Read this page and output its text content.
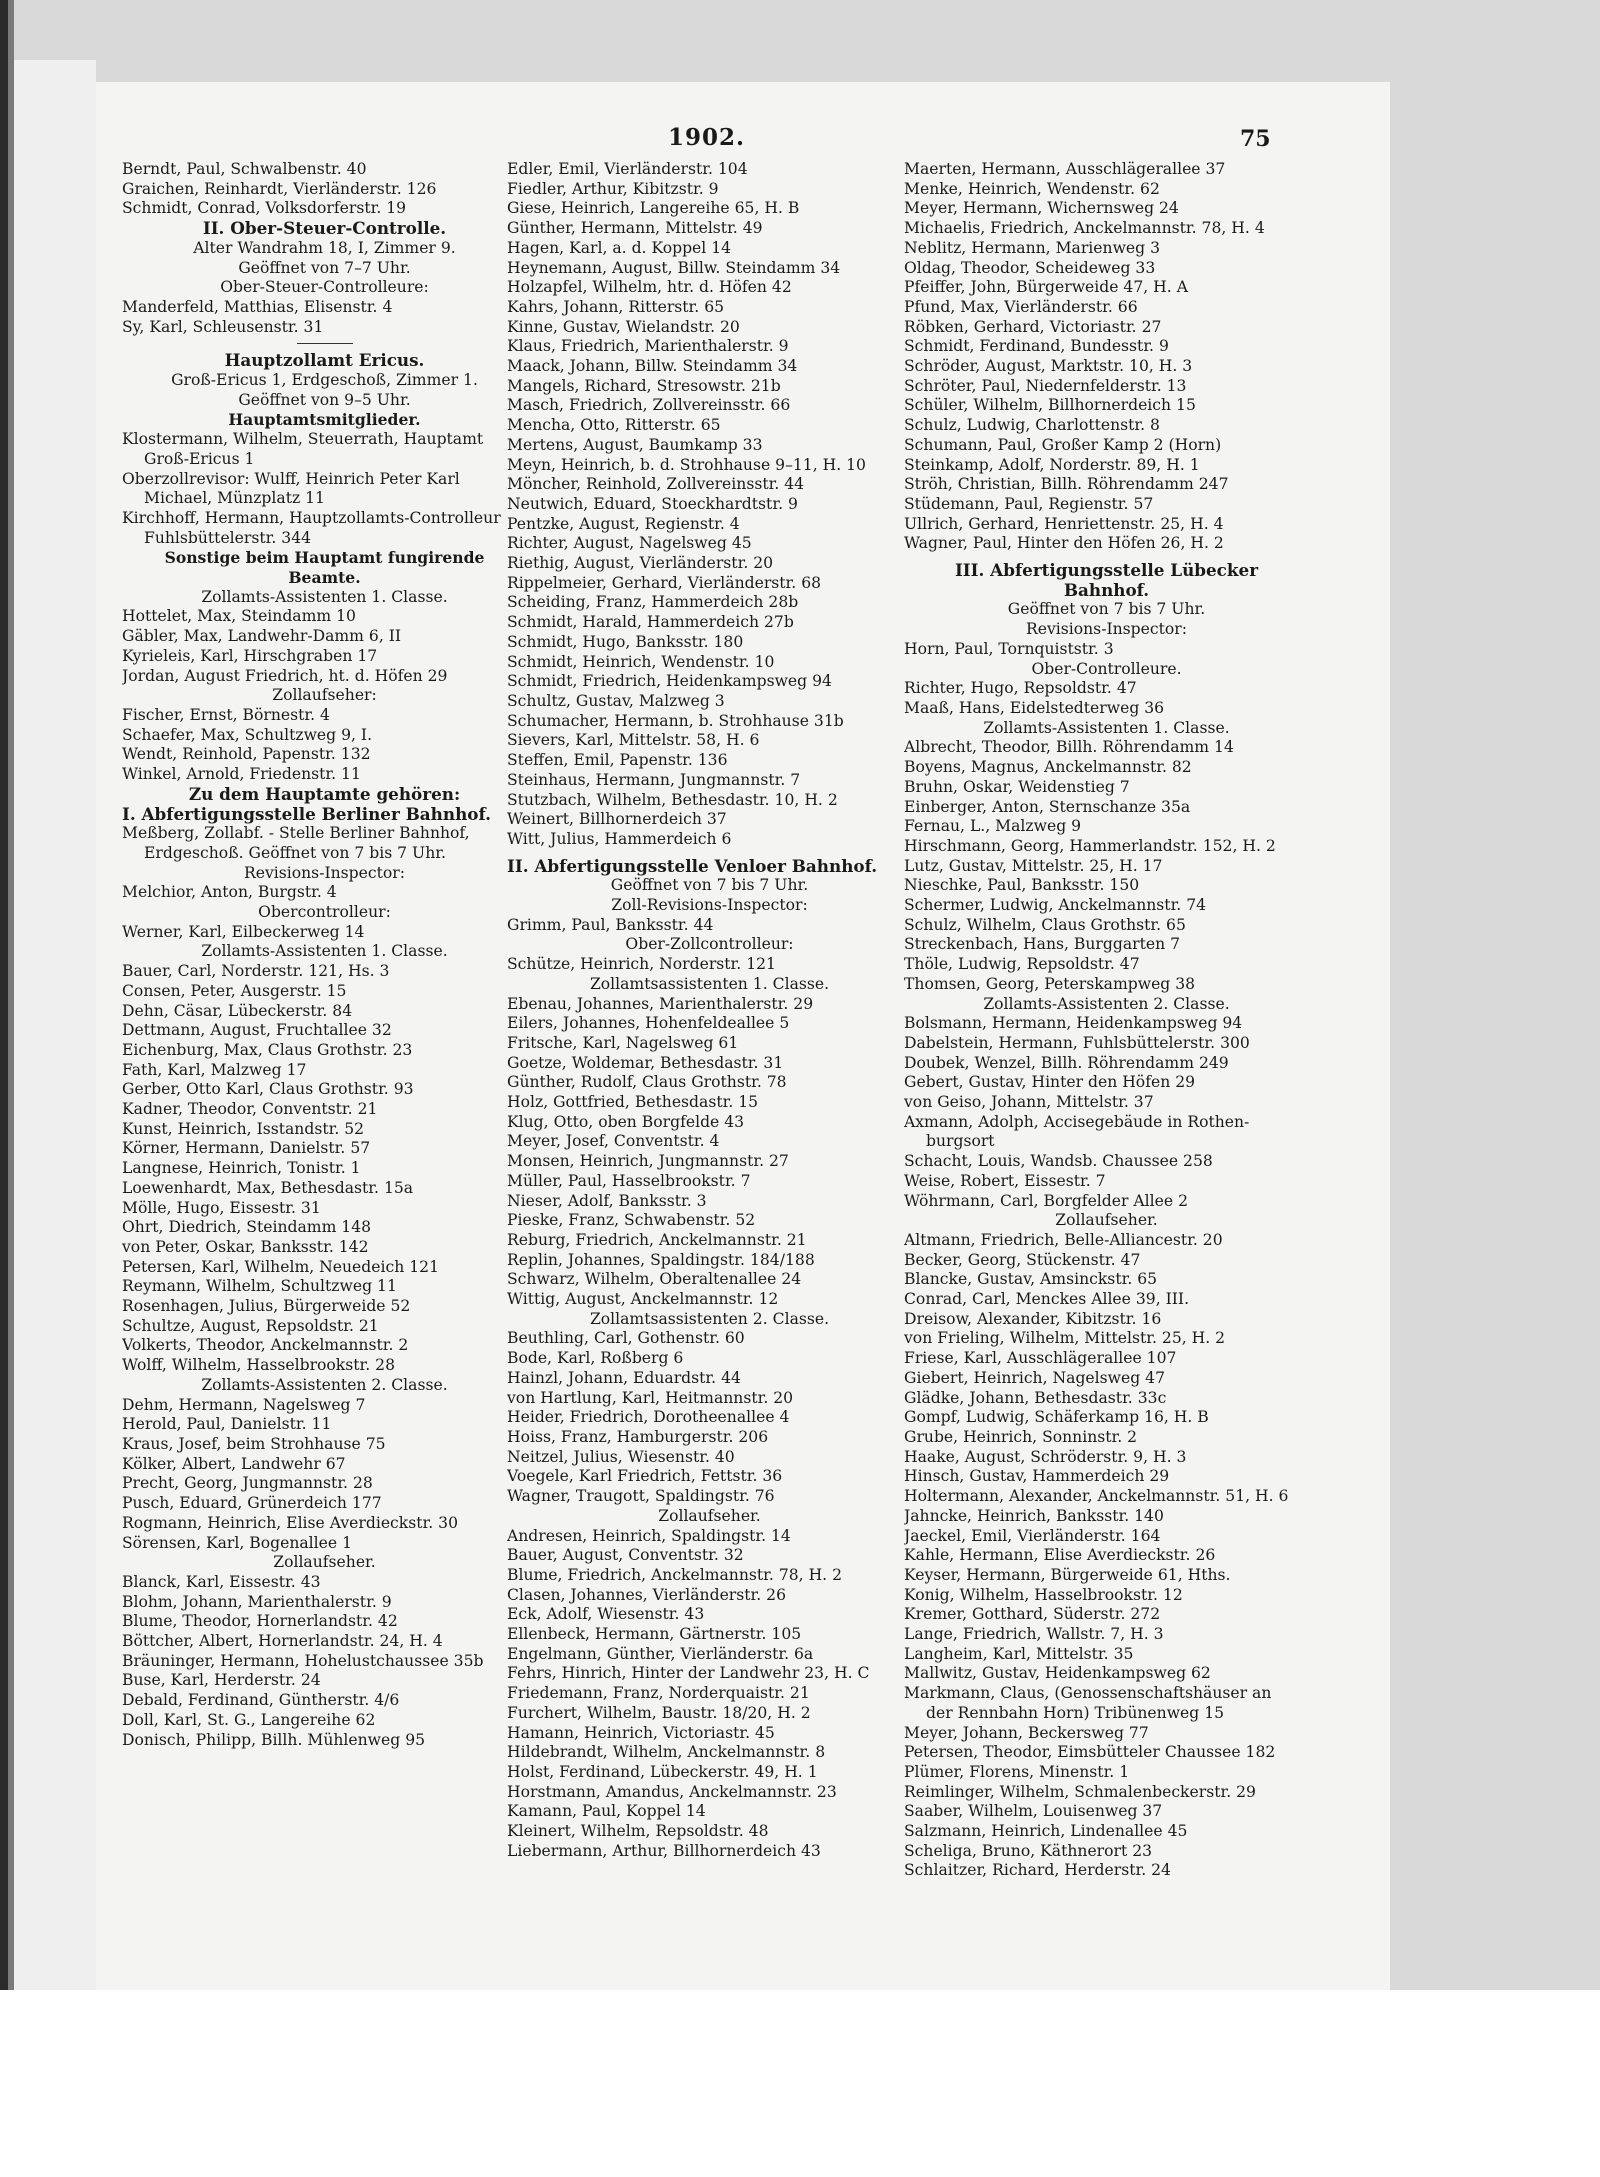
1902.	75
Berndt, Paul, Schwalbenstr. 40
Graichen, Reinhardt, Vierländerstr. 126
Schmidt, Conrad, Volksdorferstr. 19
II. Ober-Steuer-Controlle.
Alter Wandrahm 18, I, Zimmer 9.
Geöffnet von 7–7 Uhr.
Ober-Steuer-Controlleure:
Manderfeld, Matthias, Elisenstr. 4
Sy, Karl, Schleusenstr. 31
Hauptzollamt Ericus.
Groß-Ericus 1, Erdgeschoß, Zimmer 1.
Geöffnet von 9–5 Uhr.
Hauptamtsmitglieder.
Klostermann, Wilhelm, Steuerrath, Hauptamt
Groß-Ericus 1
Oberzollrevisor: Wulff, Heinrich Peter Karl
Michael, Münzplatz 11
Kirchhoff, Hermann, Hauptzollamts-Controlleur
Fuhlsbüttelerstr. 344
Sonstige beim Hauptamt fungirende
Beamte.
Zollamts-Assistenten 1. Classe.
Hottelet, Max, Steindamm 10
Gäbler, Max, Landwehr-Damm 6, II
Kyrieleis, Karl, Hirschgraben 17
Jordan, August Friedrich, ht. d. Höfen 29
Zollaufseher:
Fischer, Ernst, Börnestr. 4
Schaefer, Max, Schultzweg 9, I.
Wendt, Reinhold, Papenstr. 132
Winkel, Arnold, Friedenstr. 11
Zu dem Hauptamte gehören:
I. Abfertigungsstelle Berliner Bahnhof.
Meßberg, Zollabf. - Stelle Berliner Bahnhof,
Erdgeschoß. Geöffnet von 7 bis 7 Uhr.
Revisions-Inspector:
Melchior, Anton, Burgstr. 4
Obercontrolleur:
Werner, Karl, Eilbeckerweg 14
Zollamts-Assistenten 1. Classe.
Bauer, Carl, Norderstr. 121, Hs. 3
Consen, Peter, Ausgerstr. 15
Dehn, Cäsar, Lübeckerstr. 84
Dettmann, August, Fruchtallee 32
Eichenburg, Max, Claus Grothstr. 23
Fath, Karl, Malzweg 17
Gerber, Otto Karl, Claus Grothstr. 93
Kadner, Theodor, Conventstr. 21
Kunst, Heinrich, Isstandstr. 52
Körner, Hermann, Danielstr. 57
Langnese, Heinrich, Tonistr. 1
Loewenhardt, Max, Bethesdastr. 15a
Mölle, Hugo, Eissestr. 31
Ohrt, Diedrich, Steindamm 148
von Peter, Oskar, Banksstr. 142
Petersen, Karl, Wilhelm, Neuedeich 121
Reymann, Wilhelm, Schultzweg 11
Rosenhagen, Julius, Bürgerweide 52
Schultze, August, Repsoldstr. 21
Volkerts, Theodor, Anckelmannstr. 2
Wolff, Wilhelm, Hasselbrookstr. 28
Zollamts-Assistenten 2. Classe.
Dehm, Hermann, Nagelsweg 7
Herold, Paul, Danielstr. 11
Kraus, Josef, beim Strohhause 75
Kölker, Albert, Landwehr 67
Precht, Georg, Jungmannstr. 28
Pusch, Eduard, Grünerdeich 177
Rogmann, Heinrich, Elise Averdieckstr. 30
Sörensen, Karl, Bogenallee 1
Zollaufseher.
Blanck, Karl, Eissestr. 43
Blohm, Johann, Marienthalerstr. 9
Blume, Theodor, Hornerlandstr. 42
Böttcher, Albert, Hornerlandstr. 24, H. 4
Bräuninger, Hermann, Hohelustchaussee 35b
Buse, Karl, Herderstr. 24
Debald, Ferdinand, Güntherstr. 4/6
Doll, Karl, St. G., Langereihe 62
Donisch, Philipp, Billh. Mühlenweg 95
Edler, Emil, Vierländerstr. 104
Fiedler, Arthur, Kibitzstr. 9
Giese, Heinrich, Langereihe 65, H. B
Günther, Hermann, Mittelstr. 49
Hagen, Karl, a. d. Koppel 14
Heynemann, August, Billw. Steindamm 34
Holzapfel, Wilhelm, htr. d. Höfen 42
Kahrs, Johann, Ritterstr. 65
Kinne, Gustav, Wielandstr. 20
Klaus, Friedrich, Marienthalerstr. 9
Maack, Johann, Billw. Steindamm 34
Mangels, Richard, Stresowstr. 21b
Masch, Friedrich, Zollvereinsstr. 66
Mencha, Otto, Ritterstr. 65
Mertens, August, Baumkamp 33
Meyn, Heinrich, b. d. Strohhause 9–11, H. 10
Möncher, Reinhold, Zollvereinsstr. 44
Neutwich, Eduard, Stoeckhardtstr. 9
Pentzke, August, Regienstr. 4
Richter, August, Nagelsweg 45
Riethig, August, Vierländerstr. 20
Rippelmeier, Gerhard, Vierländerstr. 68
Scheiding, Franz, Hammerdeich 28b
Schmidt, Harald, Hammerdeich 27b
Schmidt, Hugo, Banksstr. 180
Schmidt, Heinrich, Wendenstr. 10
Schmidt, Friedrich, Heidenkampsweg 94
Schultz, Gustav, Malzweg 3
Schumacher, Hermann, b. Strohhause 31b
Sievers, Karl, Mittelstr. 58, H. 6
Steffen, Emil, Papenstr. 136
Steinhaus, Hermann, Jungmannstr. 7
Stutzbach, Wilhelm, Bethesdastr. 10, H. 2
Weinert, Billhornerdeich 37
Witt, Julius, Hammerdeich 6
II. Abfertigungsstelle Venloer Bahnhof.
Geöffnet von 7 bis 7 Uhr.
Zoll-Revisions-Inspector:
Grimm, Paul, Banksstr. 44
Ober-Zollcontrolleur:
Schütze, Heinrich, Norderstr. 121
Zollamtsassistenten 1. Classe.
Ebenau, Johannes, Marienthalerstr. 29
Eilers, Johannes, Hohenfeldeallee 5
Fritsche, Karl, Nagelsweg 61
Goetze, Woldemar, Bethesdastr. 31
Günther, Rudolf, Claus Grothstr. 78
Holz, Gottfried, Bethesdastr. 15
Klug, Otto, oben Borgfelde 43
Meyer, Josef, Conventstr. 4
Monsen, Heinrich, Jungmannstr. 27
Müller, Paul, Hasselbrookstr. 7
Nieser, Adolf, Banksstr. 3
Pieske, Franz, Schwabenstr. 52
Reburg, Friedrich, Anckelmannstr. 21
Replin, Johannes, Spaldingstr. 184/188
Schwarz, Wilhelm, Oberaltenallee 24
Wittig, August, Anckelmannstr. 12
Zollamtsassistenten 2. Classe.
Beuthling, Carl, Gothenstr. 60
Bode, Karl, Roßberg 6
Hainzl, Johann, Eduardstr. 44
von Hartlung, Karl, Heitmannstr. 20
Heider, Friedrich, Dorotheenallee 4
Hoiss, Franz, Hamburgerstr. 206
Neitzel, Julius, Wiesenstr. 40
Voegele, Karl Friedrich, Fettstr. 36
Wagner, Traugott, Spaldingstr. 76
Zollaufseher.
Andresen, Heinrich, Spaldingstr. 14
Bauer, August, Conventstr. 32
Blume, Friedrich, Anckelmannstr. 78, H. 2
Clasen, Johannes, Vierländerstr. 26
Eck, Adolf, Wiesenstr. 43
Ellenbeck, Hermann, Gärtnerstr. 105
Engelmann, Günther, Vierländerstr. 6a
Fehrs, Hinrich, Hinter der Landwehr 23, H. C
Friedemann, Franz, Norderquaistr. 21
Furchert, Wilhelm, Baustr. 18/20, H. 2
Hamann, Heinrich, Victoriastr. 45
Hildebrandt, Wilhelm, Anckelmannstr. 8
Holst, Ferdinand, Lübeckerstr. 49, H. 1
Horstmann, Amandus, Anckelmannstr. 23
Kamann, Paul, Koppel 14
Kleinert, Wilhelm, Repsoldstr. 48
Liebermann, Arthur, Billhornerdeich 43
Maerten, Hermann, Ausschlägerallee 37
Menke, Heinrich, Wendenstr. 62
Meyer, Hermann, Wichernsweg 24
Michaelis, Friedrich, Anckelmannstr. 78, H. 4
Neblitz, Hermann, Marienweg 3
Oldag, Theodor, Scheideweg 33
Pfeiffer, John, Bürgerweide 47, H. A
Pfund, Max, Vierländerstr. 66
Röbken, Gerhard, Victoriastr. 27
Schmidt, Ferdinand, Bundesstr. 9
Schröder, August, Marktstr. 10, H. 3
Schröter, Paul, Niedernfelderstr. 13
Schüler, Wilhelm, Billhornerdeich 15
Schulz, Ludwig, Charlottenstr. 8
Schumann, Paul, Großer Kamp 2 (Horn)
Steinkamp, Adolf, Norderstr. 89, H. 1
Ströh, Christian, Billh. Röhrendamm 247
Stüdemann, Paul, Regienstr. 57
Ullrich, Gerhard, Henriettenstr. 25, H. 4
Wagner, Paul, Hinter den Höfen 26, H. 2
III. Abfertigungsstelle Lübecker
Bahnhof.
Geöffnet von 7 bis 7 Uhr.
Revisions-Inspector:
Horn, Paul, Tornquiststr. 3
Ober-Controlleure.
Richter, Hugo, Repsoldstr. 47
Maaß, Hans, Eidelstedterweg 36
Zollamts-Assistenten 1. Classe.
Albrecht, Theodor, Billh. Röhrendamm 14
Boyens, Magnus, Anckelmannstr. 82
Bruhn, Oskar, Weidenstieg 7
Einberger, Anton, Sternschanze 35a
Fernau, L., Malzweg 9
Hirschmann, Georg, Hammerlandstr. 152, H. 2
Lutz, Gustav, Mittelstr. 25, H. 17
Nieschke, Paul, Banksstr. 150
Schermer, Ludwig, Anckelmannstr. 74
Schulz, Wilhelm, Claus Grothstr. 65
Streckenbach, Hans, Burggarten 7
Thöle, Ludwig, Repsoldstr. 47
Thomsen, Georg, Peterskampweg 38
Zollamts-Assistenten 2. Classe.
Bolsmann, Hermann, Heidenkampsweg 94
Dabelstein, Hermann, Fuhlsbüttelerstr. 300
Doubek, Wenzel, Billh. Röhrendamm 249
Gebert, Gustav, Hinter den Höfen 29
von Geiso, Johann, Mittelstr. 37
Axmann, Adolph, Accisegebäude in Rothen-
burgsort
Schacht, Louis, Wandsb. Chaussee 258
Weise, Robert, Eissestr. 7
Wöhrmann, Carl, Borgfelder Allee 2
Zollaufseher.
Altmann, Friedrich, Belle-Alliancestr. 20
Becker, Georg, Stückenstr. 47
Blancke, Gustav, Amsinckstr. 65
Conrad, Carl, Menckes Allee 39, III.
Dreisow, Alexander, Kibitzstr. 16
von Frieling, Wilhelm, Mittelstr. 25, H. 2
Friese, Karl, Ausschlägerallee 107
Giebert, Heinrich, Nagelsweg 47
Glädke, Johann, Bethesdastr. 33c
Gompf, Ludwig, Schäferkamp 16, H. B
Grube, Heinrich, Sonninstr. 2
Haake, August, Schröderstr. 9, H. 3
Hinsch, Gustav, Hammerdeich 29
Holtermann, Alexander, Anckelmannstr. 51, H. 6
Jahncke, Heinrich, Banksstr. 140
Jaeckel, Emil, Vierländerstr. 164
Kahle, Hermann, Elise Averdieckstr. 26
Keyser, Hermann, Bürgerweide 61, Hths.
Konig, Wilhelm, Hasselbrookstr. 12
Kremer, Gotthard, Süderstr. 272
Lange, Friedrich, Wallstr. 7, H. 3
Langheim, Karl, Mittelstr. 35
Mallwitz, Gustav, Heidenkampsweg 62
Markmann, Claus, (Genossenschaftshäuser an
der Rennbahn Horn) Tribünenweg 15
Meyer, Johann, Beckersweg 77
Petersen, Theodor, Eimsbütteler Chaussee 182
Plümer, Florens, Minenstr. 1
Reimlinger, Wilhelm, Schmalenbeckerstr. 29
Saaber, Wilhelm, Louisenweg 37
Salzmann, Heinrich, Lindenallee 45
Scheliga, Bruno, Käthnerort 23
Schlaitzer, Richard, Herderstr. 24
